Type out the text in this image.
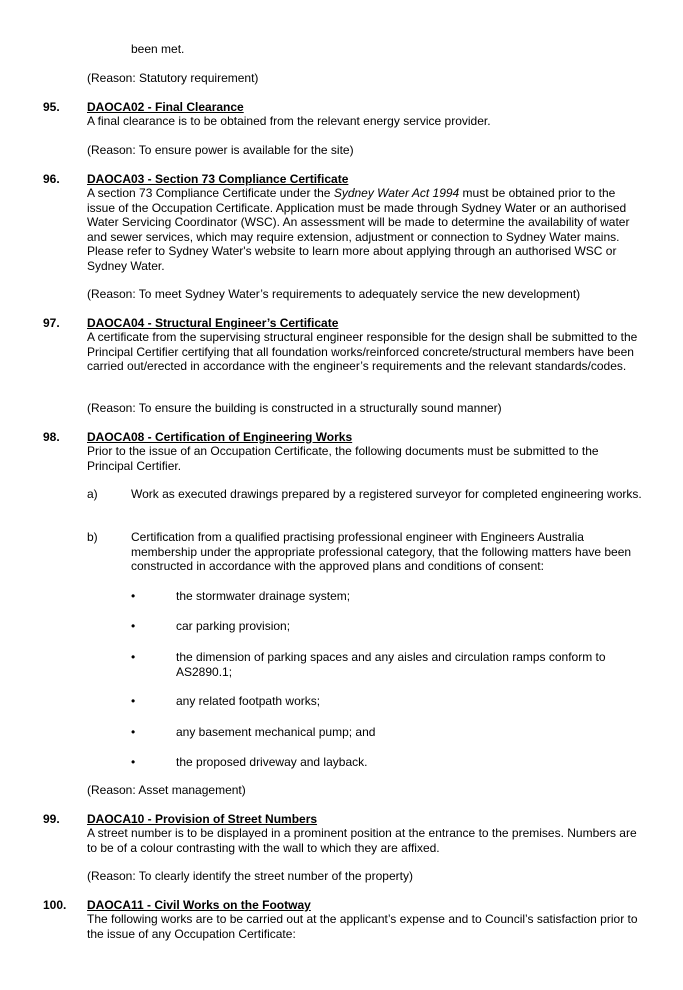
been met.
(Reason: Statutory requirement)
95. DAOCA02 - Final Clearance
A final clearance is to be obtained from the relevant energy service provider.
(Reason: To ensure power is available for the site)
96. DAOCA03 - Section 73 Compliance Certificate
A section 73 Compliance Certificate under the Sydney Water Act 1994 must be obtained prior to the issue of the Occupation Certificate. Application must be made through Sydney Water or an authorised Water Servicing Coordinator (WSC). An assessment will be made to determine the availability of water and sewer services, which may require extension, adjustment or connection to Sydney Water mains. Please refer to Sydney Water's website to learn more about applying through an authorised WSC or Sydney Water.
(Reason: To meet Sydney Water’s requirements to adequately service the new development)
97. DAOCA04 - Structural Engineer’s Certificate
A certificate from the supervising structural engineer responsible for the design shall be submitted to the Principal Certifier certifying that all foundation works/reinforced concrete/structural members have been carried out/erected in accordance with the engineer’s requirements and the relevant standards/codes.
(Reason: To ensure the building is constructed in a structurally sound manner)
98. DAOCA08 - Certification of Engineering Works
Prior to the issue of an Occupation Certificate, the following documents must be submitted to the Principal Certifier.
a)	Work as executed drawings prepared by a registered surveyor for completed engineering works.
b)	Certification from a qualified practising professional engineer with Engineers Australia membership under the appropriate professional category, that the following matters have been constructed in accordance with the approved plans and conditions of consent:
•	the stormwater drainage system;
•	car parking provision;
•	the dimension of parking spaces and any aisles and circulation ramps conform to AS2890.1;
•	any related footpath works;
•	any basement mechanical pump; and
•	the proposed driveway and layback.
(Reason: Asset management)
99. DAOCA10 - Provision of Street Numbers
A street number is to be displayed in a prominent position at the entrance to the premises. Numbers are to be of a colour contrasting with the wall to which they are affixed.
(Reason: To clearly identify the street number of the property)
100. DAOCA11 - Civil Works on the Footway
The following works are to be carried out at the applicant’s expense and to Council’s satisfaction prior to the issue of any Occupation Certificate:
